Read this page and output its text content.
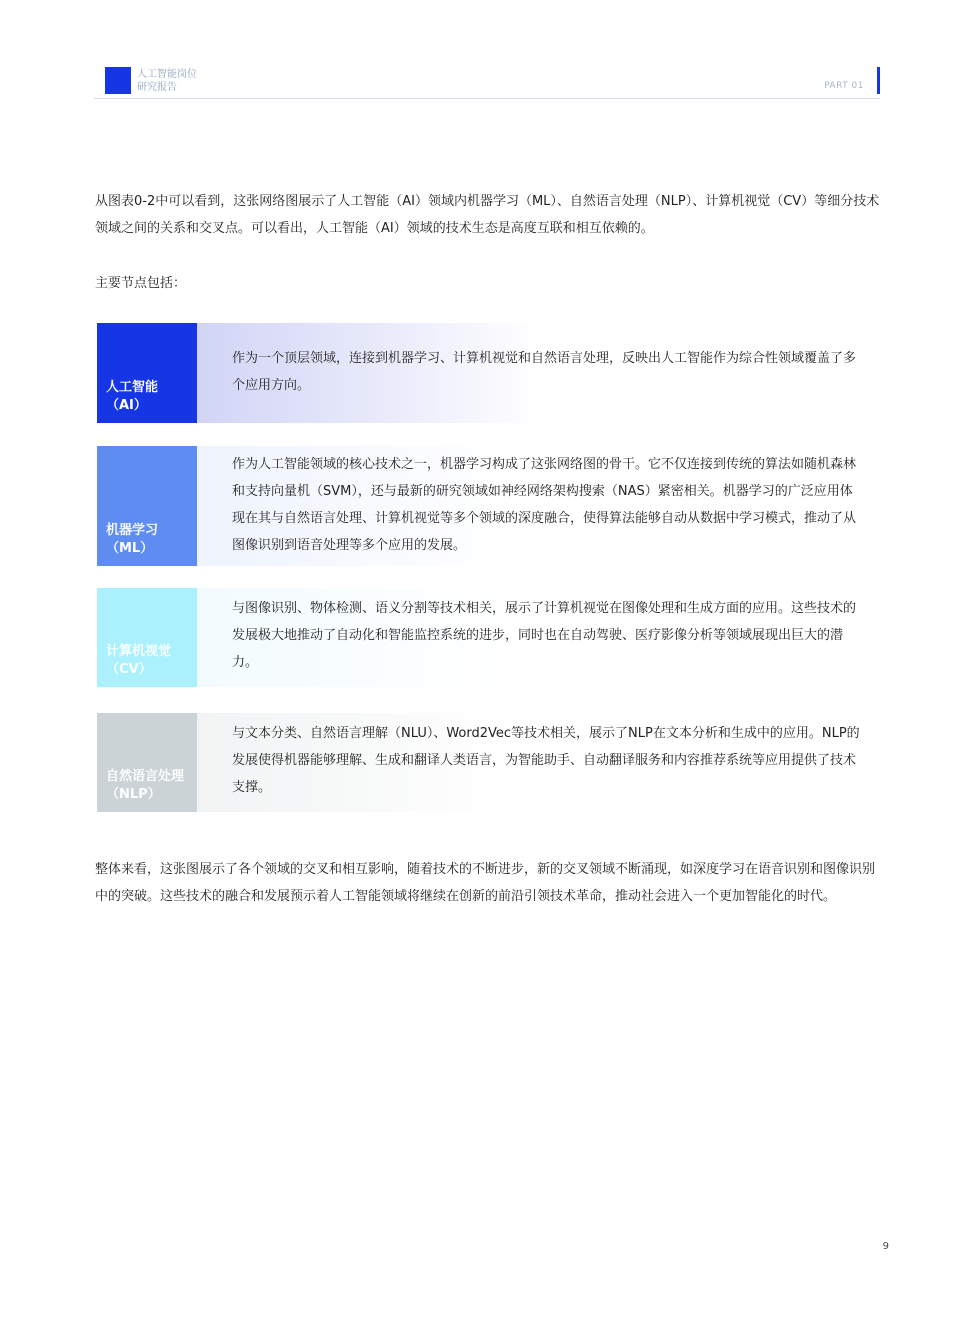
人工智能岗位
研究报告	PART 01
从图表0-2中可以看到，这张网络图展示了人工智能（AI）领域内机器学习（ML）、自然语言处理（NLP）、计算机视觉（CV）等细分技术领域之间的关系和交叉点。可以看出，人工智能（AI）领域的技术生态是高度互联和相互依赖的。
主要节点包括：
人工智能
（AI）
作为一个顶层领域，连接到机器学习、计算机视觉和自然语言处理，反映出人工智能作为综合性领域覆盖了多个应用方向。
机器学习
（ML）
作为人工智能领域的核心技术之一，机器学习构成了这张网络图的骨干。它不仅连接到传统的算法如随机森林和支持向量机（SVM），还与最新的研究领域如神经网络架构搜索（NAS）紧密相关。机器学习的广泛应用体现在其与自然语言处理、计算机视觉等多个领域的深度融合，使得算法能够自动从数据中学习模式，推动了从图像识别到语音处理等多个应用的发展。
计算机视觉
（CV）
与图像识别、物体检测、语义分割等技术相关，展示了计算机视觉在图像处理和生成方面的应用。这些技术的发展极大地推动了自动化和智能监控系统的进步，同时也在自动驾驶、医疗影像分析等领域展现出巨大的潜力。
自然语言处理
（NLP）
与文本分类、自然语言理解（NLU）、Word2Vec等技术相关，展示了NLP在文本分析和生成中的应用。NLP的发展使得机器能够理解、生成和翻译人类语言，为智能助手、自动翻译服务和内容推荐系统等应用提供了技术支撑。
整体来看，这张图展示了各个领域的交叉和相互影响，随着技术的不断进步，新的交叉领域不断涌现，如深度学习在语音识别和图像识别中的突破。这些技术的融合和发展预示着人工智能领域将继续在创新的前沿引领技术革命，推动社会进入一个更加智能化的时代。
9
